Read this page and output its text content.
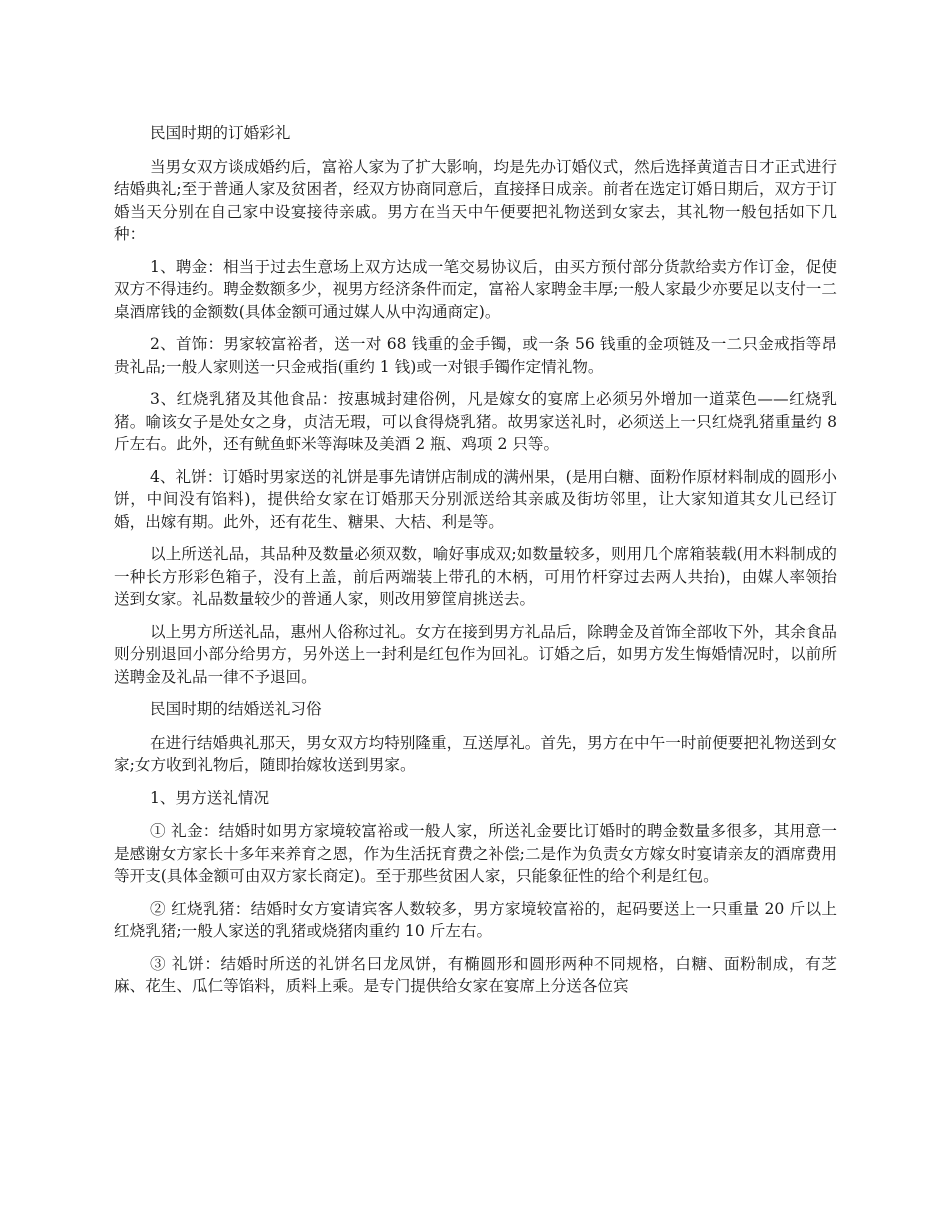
民国时期的订婚彩礼

当男女双方谈成婚约后，富裕人家为了扩大影响，均是先办订婚仪式，然后选择黄道吉日才正式进行结婚典礼;至于普通人家及贫困者，经双方协商同意后，直接择日成亲。前者在选定订婚日期后，双方于订婚当天分别在自己家中设宴接待亲戚。男方在当天中午便要把礼物送到女家去，其礼物一般包括如下几种：

1、聘金：相当于过去生意场上双方达成一笔交易协议后，由买方预付部分货款给卖方作订金，促使双方不得违约。聘金数额多少，视男方经济条件而定，富裕人家聘金丰厚;一般人家最少亦要足以支付一二桌酒席钱的金额数(具体金额可通过媒人从中沟通商定)。

2、首饰：男家较富裕者，送一对 68 钱重的金手镯，或一条 56 钱重的金项链及一二只金戒指等昂贵礼品;一般人家则送一只金戒指(重约 1 钱)或一对银手镯作定情礼物。

3、红烧乳猪及其他食品：按惠城封建俗例，凡是嫁女的宴席上必须另外增加一道菜色——红烧乳猪。喻该女子是处女之身，贞洁无瑕，可以食得烧乳猪。故男家送礼时，必须送上一只红烧乳猪重量约 8 斤左右。此外，还有鱿鱼虾米等海味及美酒 2 瓶、鸡项 2 只等。

4、礼饼：订婚时男家送的礼饼是事先请饼店制成的满州果，(是用白糖、面粉作原材料制成的圆形小饼，中间没有馅料)，提供给女家在订婚那天分别派送给其亲戚及街坊邻里，让大家知道其女儿已经订婚，出嫁有期。此外，还有花生、糖果、大桔、利是等。

以上所送礼品，其品种及数量必须双数，喻好事成双;如数量较多，则用几个席箱装载(用木料制成的一种长方形彩色箱子，没有上盖，前后两端装上带孔的木柄，可用竹杆穿过去两人共抬)，由媒人率领抬送到女家。礼品数量较少的普通人家，则改用箩筐肩挑送去。

以上男方所送礼品，惠州人俗称过礼。女方在接到男方礼品后，除聘金及首饰全部收下外，其余食品则分别退回小部分给男方，另外送上一封利是红包作为回礼。订婚之后，如男方发生悔婚情况时，以前所送聘金及礼品一律不予退回。

民国时期的结婚送礼习俗

在进行结婚典礼那天，男女双方均特别隆重，互送厚礼。首先，男方在中午一时前便要把礼物送到女家;女方收到礼物后，随即抬嫁妆送到男家。

1、男方送礼情况

① 礼金：结婚时如男方家境较富裕或一般人家，所送礼金要比订婚时的聘金数量多很多，其用意一是感谢女方家长十多年来养育之恩，作为生活抚育费之补偿;二是作为负责女方嫁女时宴请亲友的酒席费用等开支(具体金额可由双方家长商定)。至于那些贫困人家，只能象征性的给个利是红包。

② 红烧乳猪：结婚时女方宴请宾客人数较多，男方家境较富裕的，起码要送上一只重量 20 斤以上红烧乳猪;一般人家送的乳猪或烧猪肉重约 10 斤左右。

③ 礼饼：结婚时所送的礼饼名曰龙凤饼，有椭圆形和圆形两种不同规格，白糖、面粉制成，有芝麻、花生、瓜仁等馅料，质料上乘。是专门提供给女家在宴席上分送各位宾
